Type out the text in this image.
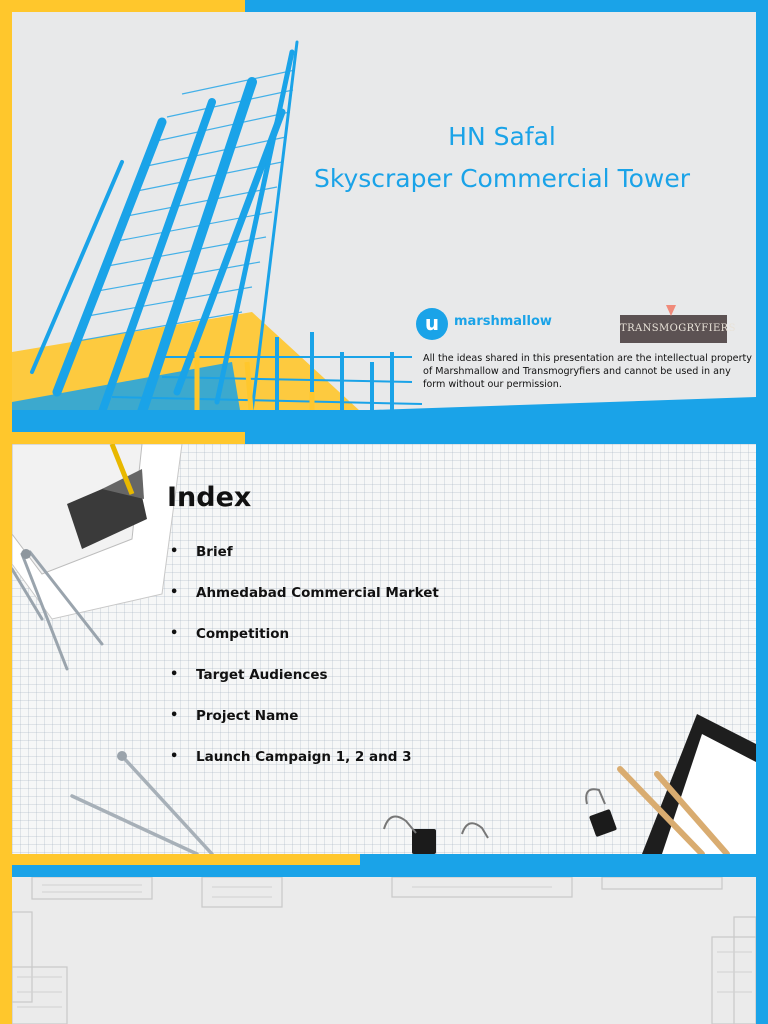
HN Safal
Skyscraper Commercial Tower
u	marshmallow	TRANSMOGRYFIERS
All the ideas shared in this presentation are the intellectual property of Marshmallow and Transmogryfiers and cannot be used in any form without our permission.
Index
• Brief
• Ahmedabad Commercial Market
• Competition
• Target Audiences
• Project Name
• Launch Campaign 1, 2 and 3
